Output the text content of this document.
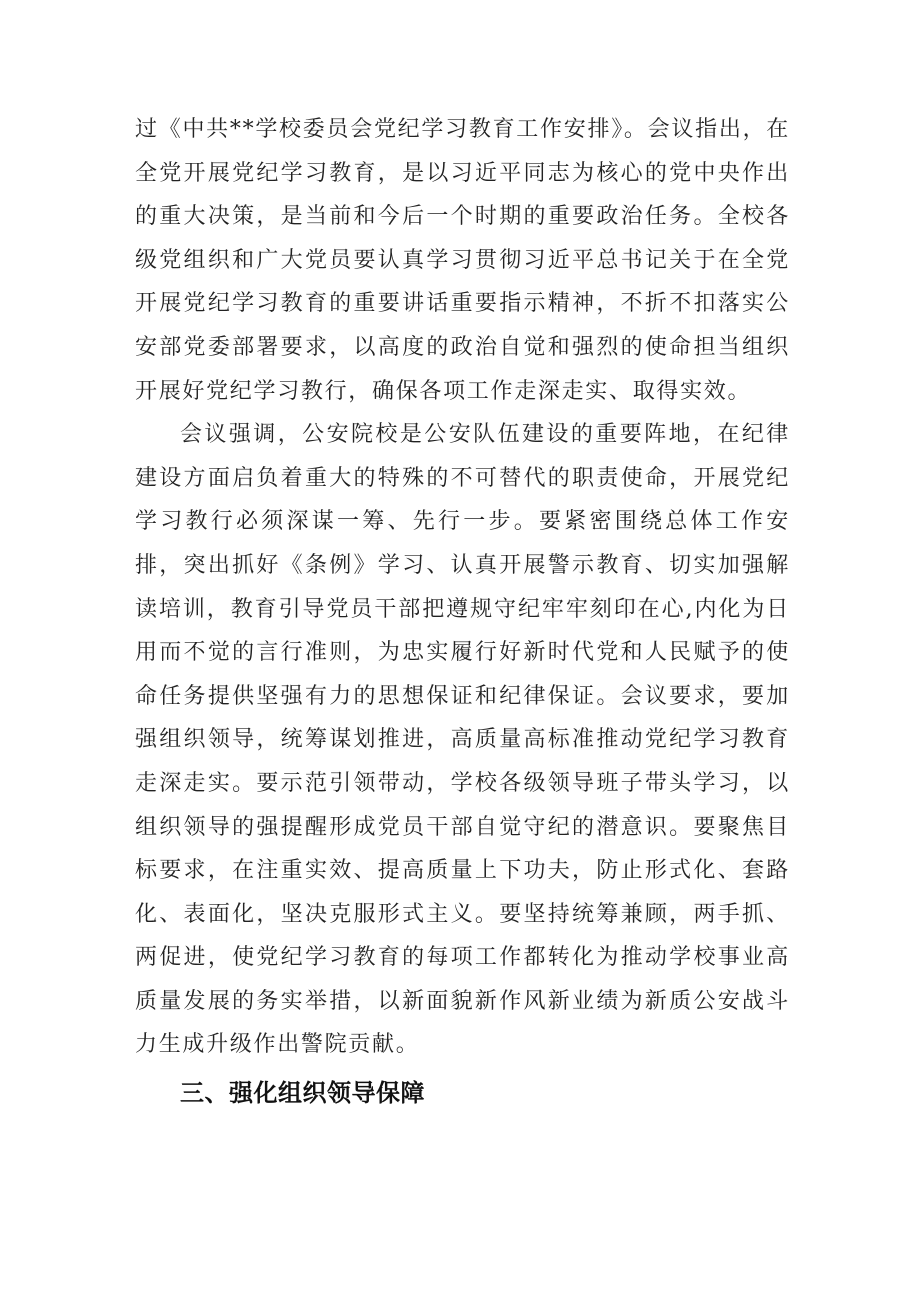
过《中共**学校委员会党纪学习教育工作安排》。会议指出，在全党开展党纪学习教育，是以习近平同志为核心的党中央作出的重大决策，是当前和今后一个时期的重要政治任务。全校各级党组织和广大党员要认真学习贯彻习近平总书记关于在全党开展党纪学习教育的重要讲话重要指示精神，不折不扣落实公安部党委部署要求，以高度的政治自觉和强烈的使命担当组织开展好党纪学习教行，确保各项工作走深走实、取得实效。

会议强调，公安院校是公安队伍建设的重要阵地，在纪律建设方面启负着重大的特殊的不可替代的职责使命，开展党纪学习教行必须深谋一筹、先行一步。要紧密围绕总体工作安排，突出抓好《条例》学习、认真开展警示教育、切实加强解读培训，教育引导党员干部把遵规守纪牢牢刻印在心,内化为日用而不觉的言行准则，为忠实履行好新时代党和人民赋予的使命任务提供坚强有力的思想保证和纪律保证。会议要求，要加强组织领导，统筹谋划推进，高质量高标准推动党纪学习教育走深走实。要示范引领带动，学校各级领导班子带头学习，以组织领导的强提醒形成党员干部自觉守纪的潜意识。要聚焦目标要求，在注重实效、提高质量上下功夫，防止形式化、套路化、表面化，坚决克服形式主义。要坚持统筹兼顾，两手抓、两促进，使党纪学习教育的每项工作都转化为推动学校事业高质量发展的务实举措，以新面貌新作风新业绩为新质公安战斗力生成升级作出警院贡献。

三、强化组织领导保障
